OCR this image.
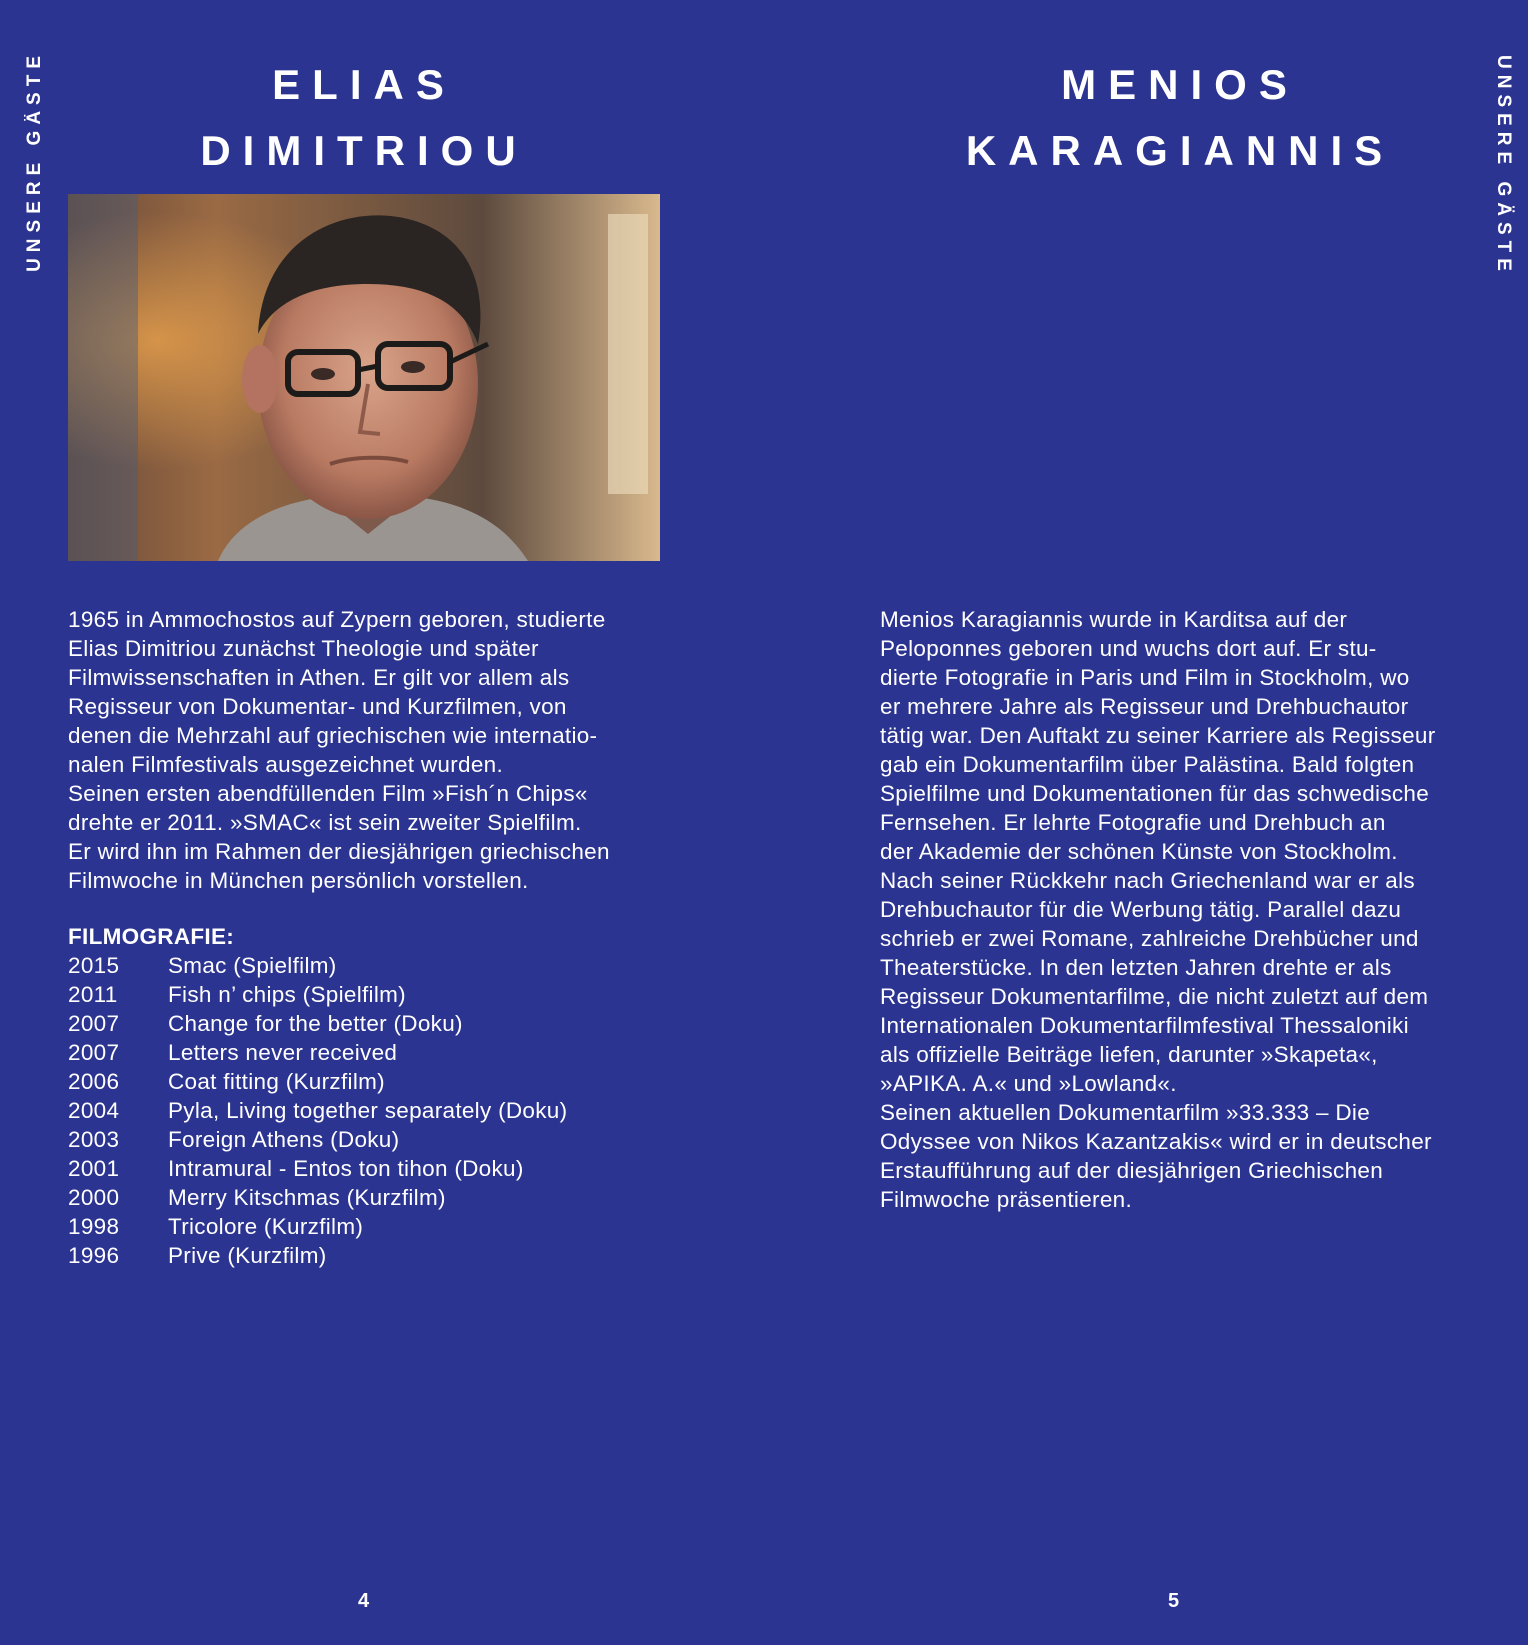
UNSERE GÄSTE	UNSERE GÄSTE
ELIAS
DIMITRIOU

1965 in Ammochostos auf Zypern geboren, studierte
Elias Dimitriou zunächst Theologie und später
Filmwissenschaften in Athen. Er gilt vor allem als
Regisseur von Dokumentar- und Kurzfilmen, von
denen die Mehrzahl auf griechischen wie internatio-
nalen Filmfestivals ausgezeichnet wurden.
Seinen ersten abendfüllenden Film »Fish´n Chips«
drehte er 2011. »SMAC« ist sein zweiter Spielfilm.
Er wird ihn im Rahmen der diesjährigen griechischen
Filmwoche in München persönlich vorstellen.

FILMOGRAFIE:
2015	Smac (Spielfilm)
2011	Fish n’ chips (Spielfilm)
2007	Change for the better (Doku)
2007	Letters never received
2006	Coat fitting (Kurzfilm)
2004	Pyla, Living together separately (Doku)
2003	Foreign Athens (Doku)
2001	Intramural - Entos ton tihon (Doku)
2000	Merry Kitschmas (Kurzfilm)
1998	Tricolore (Kurzfilm)
1996	Prive (Kurzfilm)
MENIOS
KARAGIANNIS

Menios Karagiannis wurde in Karditsa auf der
Peloponnes geboren und wuchs dort auf. Er stu-
dierte Fotografie in Paris und Film in Stockholm, wo
er mehrere Jahre als Regisseur und Drehbuchautor
tätig war. Den Auftakt zu seiner Karriere als Regisseur
gab ein Dokumentarfilm über Palästina. Bald folgten
Spielfilme und Dokumentationen für das schwedische
Fernsehen. Er lehrte Fotografie und Drehbuch an
der Akademie der schönen Künste von Stockholm.
Nach seiner Rückkehr nach Griechenland war er als
Drehbuchautor für die Werbung tätig. Parallel dazu
schrieb er zwei Romane, zahlreiche Drehbücher und
Theaterstücke. In den letzten Jahren drehte er als
Regisseur Dokumentarfilme, die nicht zuletzt auf dem
Internationalen Dokumentarfilmfestival Thessaloniki
als offizielle Beiträge liefen, darunter »Skapeta«,
»APIKA. A.« und »Lowland«.
Seinen aktuellen Dokumentarfilm »33.333 – Die
Odyssee von Nikos Kazantzakis« wird er in deutscher
Erstaufführung auf der diesjährigen Griechischen
Filmwoche präsentieren.

4	5
